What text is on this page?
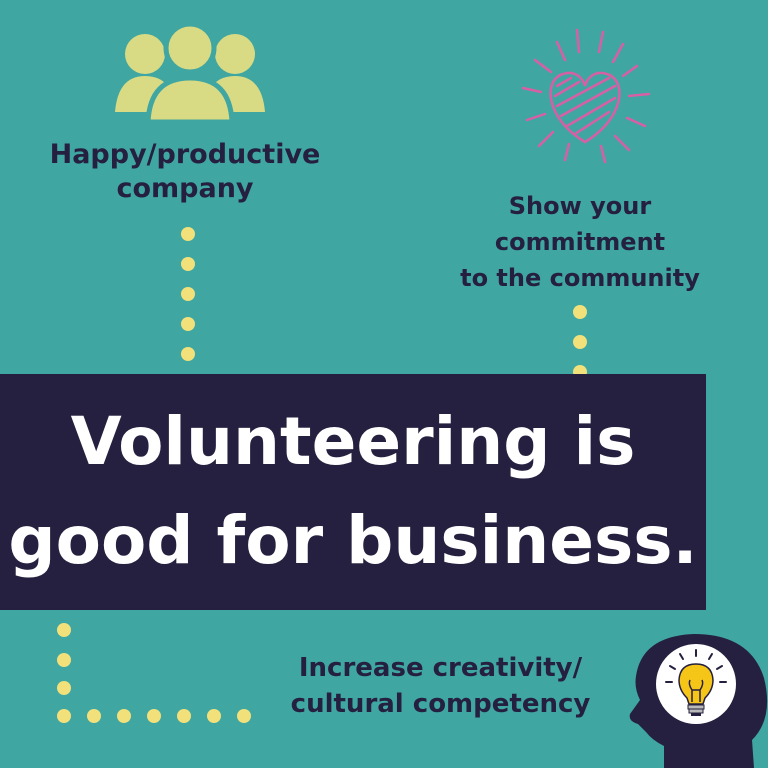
Happy/productive
company
Show your
commitment
to the community
Volunteering is
good for business.
Increase creativity/
cultural competency
